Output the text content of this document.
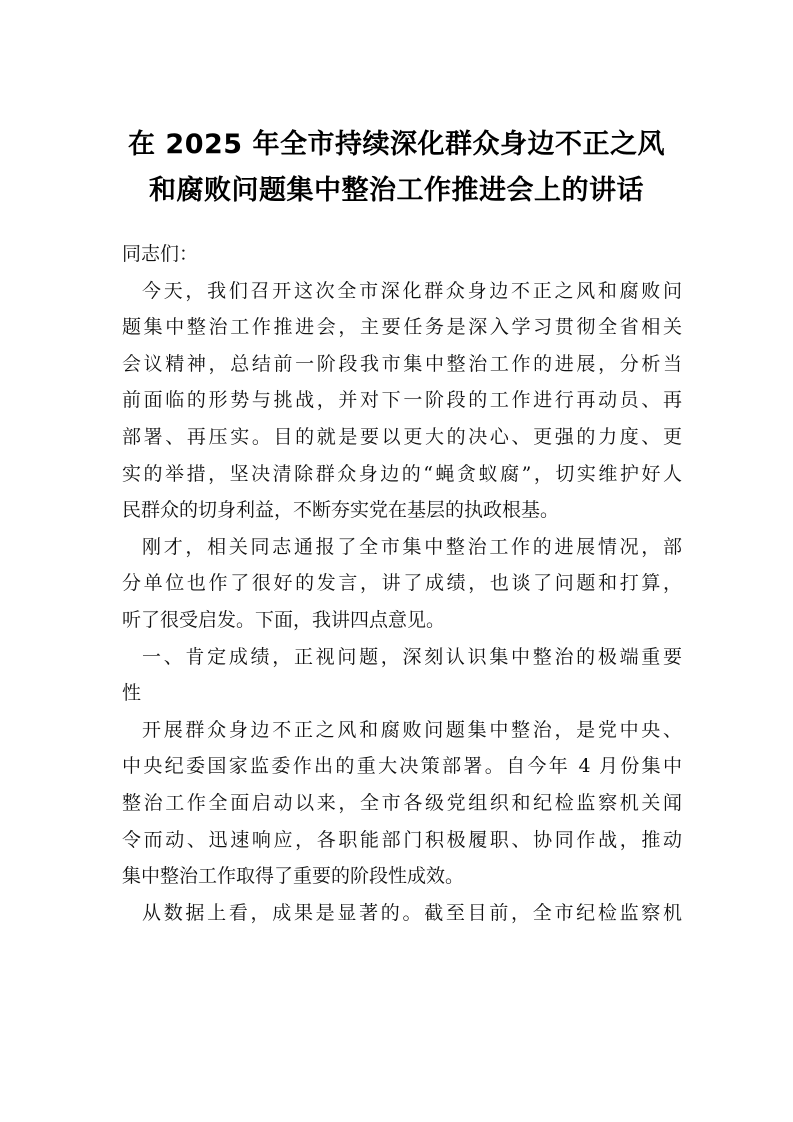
在 2025 年全市持续深化群众身边不正之风
和腐败问题集中整治工作推进会上的讲话
同志们：
今天，我们召开这次全市深化群众身边不正之风和腐败问
题集中整治工作推进会，主要任务是深入学习贯彻全省相关
会议精神，总结前一阶段我市集中整治工作的进展，分析当
前面临的形势与挑战，并对下一阶段的工作进行再动员、再
部署、再压实。目的就是要以更大的决心、更强的力度、更
实的举措，坚决清除群众身边的“蝇贪蚁腐”，切实维护好人
民群众的切身利益，不断夯实党在基层的执政根基。
刚才，相关同志通报了全市集中整治工作的进展情况，部
分单位也作了很好的发言，讲了成绩，也谈了问题和打算，
听了很受启发。下面，我讲四点意见。
一、肯定成绩，正视问题，深刻认识集中整治的极端重要
性
开展群众身边不正之风和腐败问题集中整治，是党中央、
中央纪委国家监委作出的重大决策部署。自今年 4 月份集中
整治工作全面启动以来，全市各级党组织和纪检监察机关闻
令而动、迅速响应，各职能部门积极履职、协同作战，推动
集中整治工作取得了重要的阶段性成效。
从数据上看，成果是显著的。截至目前，全市纪检监察机
